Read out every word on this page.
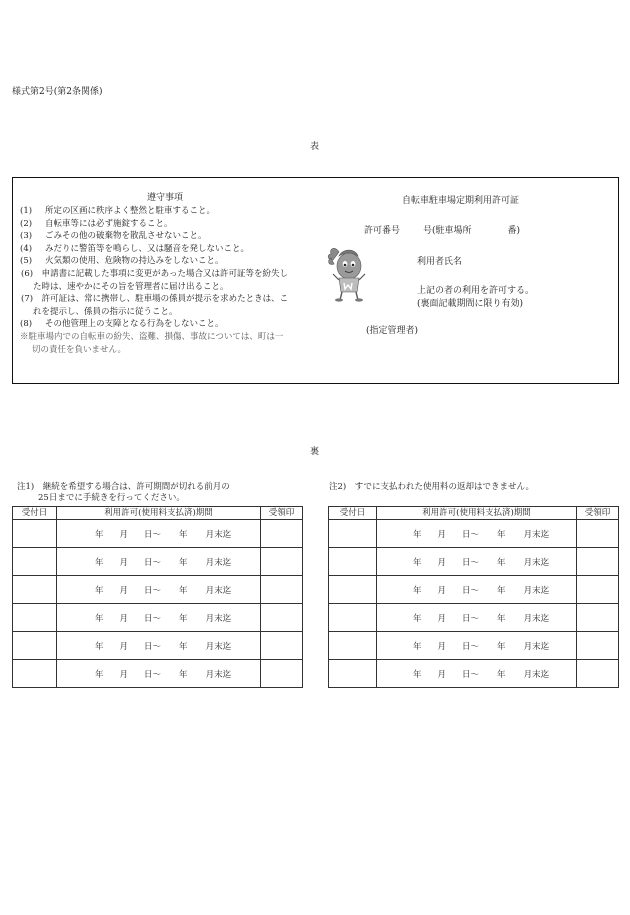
様式第2号(第2条関係)
表
遵守事項
(1) 所定の区画に秩序よく整然と駐車すること。
(2) 自転車等には必ず施錠すること。
(3) ごみその他の破棄物を散乱させないこと。
(4) みだりに警笛等を鳴らし、又は騒音を発しないこと。
(5) 火気類の使用、危険物の持込みをしないこと。
(6)　 申請書に記載した事項に変更があった場合又は許可証等を紛失した時は、速やかにその旨を管理者に届け出ること。
(7)　 許可証は、常に携帯し、駐車場の係員が提示を求めたときは、これを提示し、係員の指示に従うこと。
(8) その他管理上の支障となる行為をしないこと。
※駐車場内での自転車の紛失、盗難、損傷、事故については、町は一切の責任を負いません。
自転車駐車場定期利用許可証
許可番号	号(駐車場所　　　　番)
利用者氏名
上記の者の利用を許可する。
(裏面記載期間に限り有効)
(指定管理者)
裏
注1)　継続を希望する場合は、許可期間が切れる前月の
25日までに手続きを行ってください。
注2)　すでに支払われた使用料の返却はできません。
受付日	利用許可(使用料支払済)期間	受領印
	年 月 日～ 年 月末迄	
	年 月 日～ 年 月末迄	
	年 月 日～ 年 月末迄	
	年 月 日～ 年 月末迄	
	年 月 日～ 年 月末迄	
	年 月 日～ 年 月末迄	
受付日	利用許可(使用料支払済)期間	受領印
	年 月 日～ 年 月末迄	
	年 月 日～ 年 月末迄	
	年 月 日～ 年 月末迄	
	年 月 日～ 年 月末迄	
	年 月 日～ 年 月末迄	
	年 月 日～ 年 月末迄	
